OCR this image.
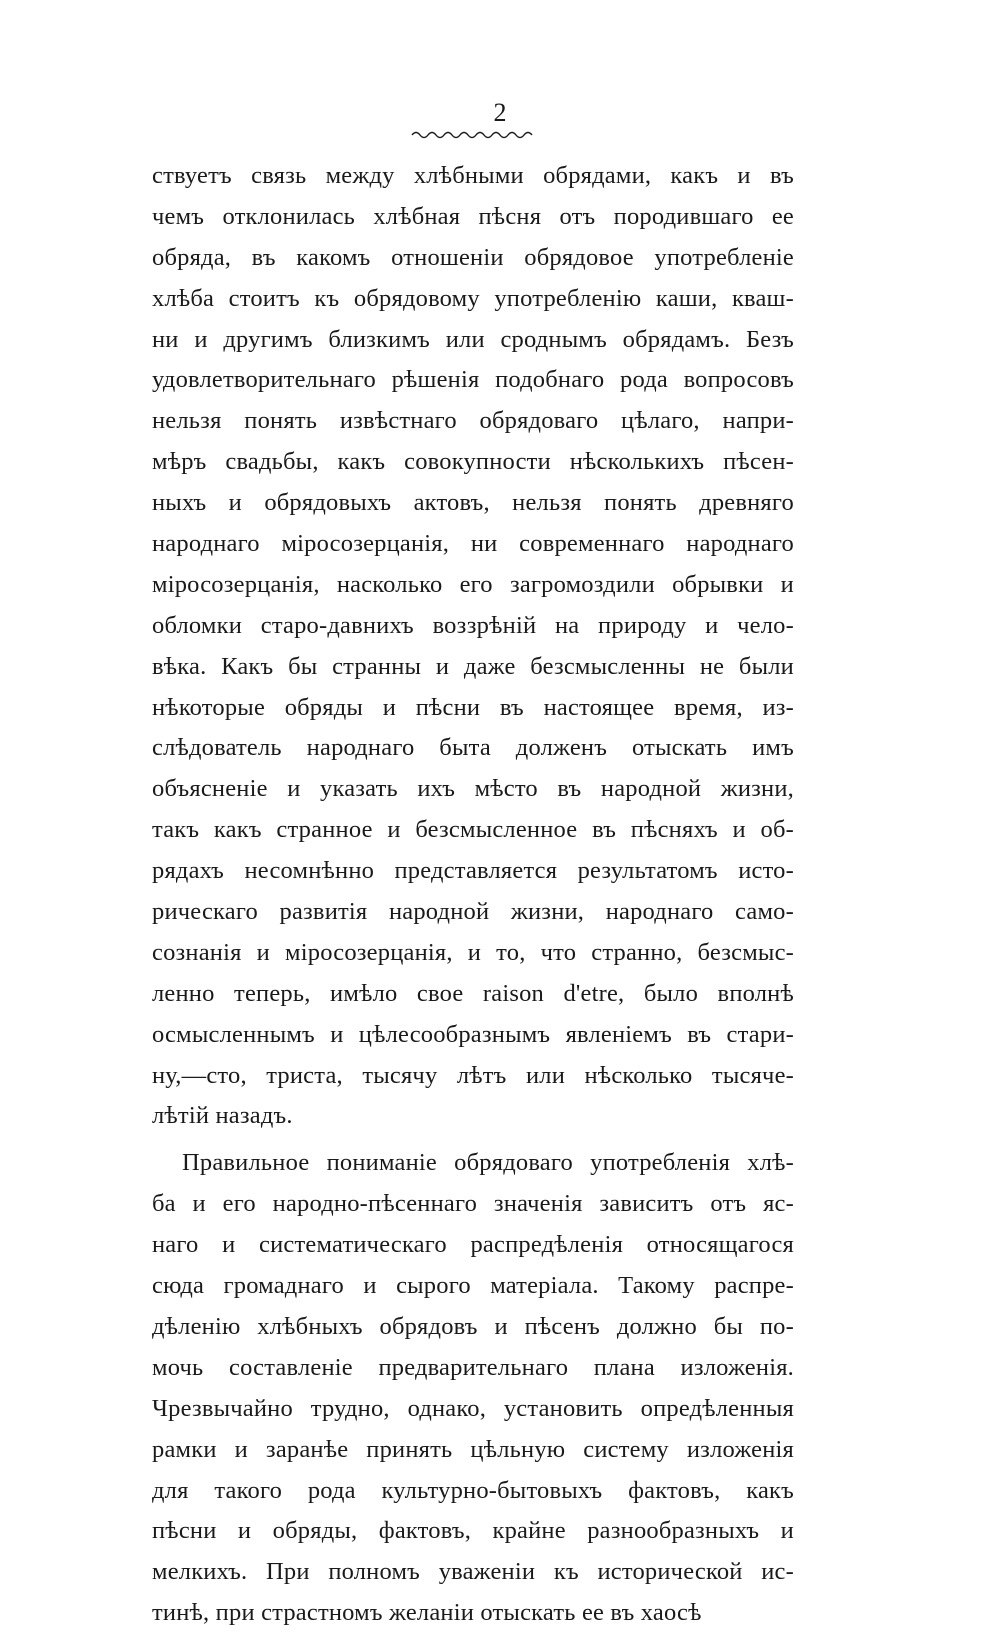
2
ствуетъ связь между хлѣбными обрядами, какъ и въ
чемъ отклонилась хлѣбная пѣсня отъ породившаго ее
обряда, въ какомъ отношеніи обрядовое употребленіе
хлѣба стоитъ къ обрядовому употребленію каши, кваш-
ни и другимъ близкимъ или сроднымъ обрядамъ. Безъ
удовлетворительнаго рѣшенія подобнаго рода вопросовъ
нельзя понять извѣстнаго обрядоваго цѣлаго, напри-
мѣръ свадьбы, какъ совокупности нѣсколькихъ пѣсен-
ныхъ и обрядовыхъ актовъ, нельзя понять древняго
народнаго міросозерцанія, ни современнаго народнаго
міросозерцанія, насколько его загромоздили обрывки и
обломки старо-давнихъ воззрѣній на природу и чело-
вѣка. Какъ бы странны и даже безсмысленны не были
нѣкоторые обряды и пѣсни въ настоящее время, из-
слѣдователь народнаго быта долженъ отыскать имъ
объясненіе и указать ихъ мѣсто въ народной жизни,
такъ какъ странное и безсмысленное въ пѣсняхъ и об-
рядахъ несомнѣнно представляется результатомъ исто-
рическаго развитія народной жизни, народнаго само-
сознанія и міросозерцанія, и то, что странно, безсмыс-
ленно теперь, имѣло свое raison d'etre, было вполнѣ
осмысленнымъ и цѣлесообразнымъ явленіемъ въ стари-
ну,—сто, триста, тысячу лѣтъ или нѣсколько тысяче-
лѣтій назадъ.
Правильное пониманіе обрядоваго употребленія хлѣ-
ба и его народно-пѣсеннаго значенія зависитъ отъ яс-
наго и систематическаго распредѣленія относящагося
сюда громаднаго и сырого матеріала. Такому распре-
дѣленію хлѣбныхъ обрядовъ и пѣсенъ должно бы по-
мочь составленіе предварительнаго плана изложенія.
Чрезвычайно трудно, однако, установить опредѣленныя
рамки и заранѣе принять цѣльную систему изложенія
для такого рода культурно-бытовыхъ фактовъ, какъ
пѣсни и обряды, фактовъ, крайне разнообразныхъ и
мелкихъ. При полномъ уваженіи къ исторической ис-
тинѣ, при страстномъ желаніи отыскать ее въ хаосѣ
